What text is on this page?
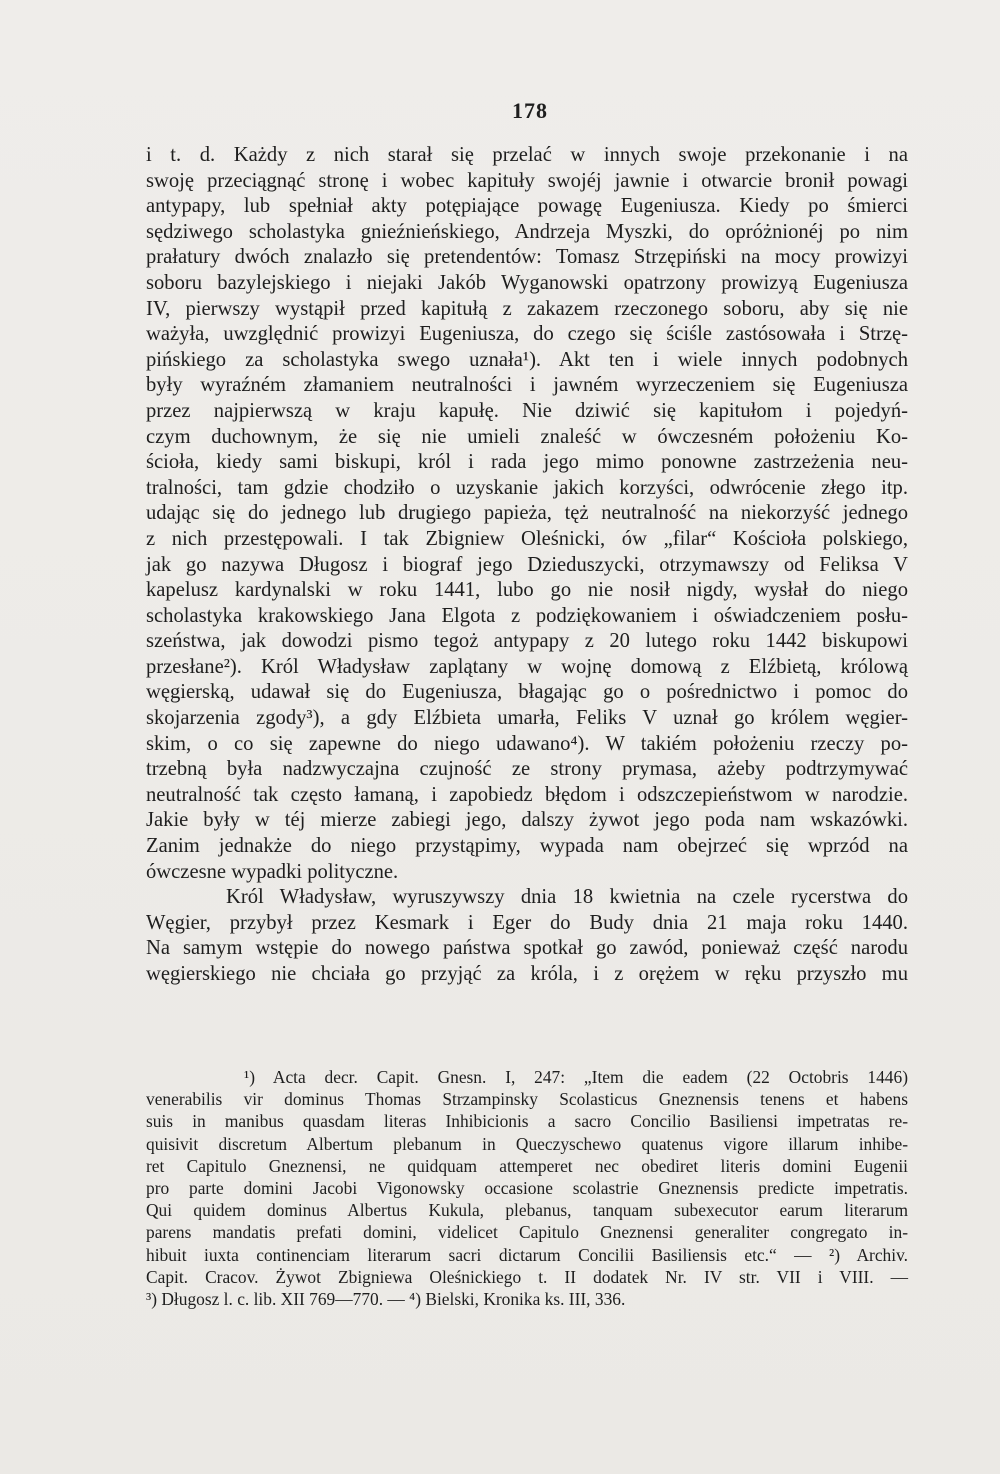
178
i t. d. Każdy z nich starał się przelać w innych swoje przekonanie i na
swoję przeciągnąć stronę i wobec kapituły swojéj jawnie i otwarcie bronił powagi
antypapy, lub spełniał akty potępiające powagę Eugeniusza. Kiedy po śmierci
sędziwego scholastyka gnieźnieńskiego, Andrzeja Myszki, do opróżnionéj po nim
prałatury dwóch znalazło się pretendentów: Tomasz Strzępiński na mocy prowizyi
soboru bazylejskiego i niejaki Jakób Wyganowski opatrzony prowizyą Eugeniusza
IV, pierwszy wystąpił przed kapitułą z zakazem rzeczonego soboru, aby się nie
ważyła, uwzględnić prowizyi Eugeniusza, do czego się ściśle zastósowała i Strzę-
pińskiego za scholastyka swego uznała¹). Akt ten i wiele innych podobnych
były wyraźném złamaniem neutralności i jawném wyrzeczeniem się Eugeniusza
przez najpierwszą w kraju kapułę. Nie dziwić się kapitułom i pojedyń-
czym duchownym, że się nie umieli znaleść w ówczesném położeniu Ko-
ścioła, kiedy sami biskupi, król i rada jego mimo ponowne zastrzeżenia neu-
tralności, tam gdzie chodziło o uzyskanie jakich korzyści, odwrócenie złego itp.
udając się do jednego lub drugiego papieża, tęż neutralność na niekorzyść jednego
z nich przestępowali. I tak Zbigniew Oleśnicki, ów „filar“ Kościoła polskiego,
jak go nazywa Długosz i biograf jego Dzieduszycki, otrzymawszy od Feliksa V
kapelusz kardynalski w roku 1441, lubo go nie nosił nigdy, wysłał do niego
scholastyka krakowskiego Jana Elgota z podziękowaniem i oświadczeniem posłu-
szeństwa, jak dowodzi pismo tegoż antypapy z 20 lutego roku 1442 biskupowi
przesłane²). Król Władysław zaplątany w wojnę domową z Elźbietą, królową
węgierską, udawał się do Eugeniusza, błagając go o pośrednictwo i pomoc do
skojarzenia zgody³), a gdy Elźbieta umarła, Feliks V uznał go królem węgier-
skim, o co się zapewne do niego udawano⁴). W takiém położeniu rzeczy po-
trzebną była nadzwyczajna czujność ze strony prymasa, ażeby podtrzymywać
neutralność tak często łamaną, i zapobiedz błędom i odszczepieństwom w narodzie.
Jakie były w téj mierze zabiegi jego, dalszy żywot jego poda nam wskazówki.
Zanim jednakże do niego przystąpimy, wypada nam obejrzeć się wprzód na
ówczesne wypadki polityczne.
Król Władysław, wyruszywszy dnia 18 kwietnia na czele rycerstwa do
Węgier, przybył przez Kesmark i Eger do Budy dnia 21 maja roku 1440.
Na samym wstępie do nowego państwa spotkał go zawód, ponieważ część narodu
węgierskiego nie chciała go przyjąć za króla, i z orężem w ręku przyszło mu
¹) Acta decr. Capit. Gnesn. I, 247: „Item die eadem (22 Octobris 1446)
venerabilis vir dominus Thomas Strzampinsky Scolasticus Gneznensis tenens et habens
suis in manibus quasdam literas Inhibicionis a sacro Concilio Basiliensi impetratas re-
quisivit discretum Albertum plebanum in Queczyschewo quatenus vigore illarum inhibe-
ret Capitulo Gneznensi, ne quidquam attemperet nec obediret literis domini Eugenii
pro parte domini Jacobi Vigonowsky occasione scolastrie Gneznensis predicte impetratis.
Qui quidem dominus Albertus Kukula, plebanus, tanquam subexecutor earum literarum
parens mandatis prefati domini, videlicet Capitulo Gneznensi generaliter congregato in-
hibuit iuxta continenciam literarum sacri dictarum Concilii Basiliensis etc.“ — ²) Archiv.
Capit. Cracov. Żywot Zbigniewa Oleśnickiego t. II dodatek Nr. IV str. VII i VIII. —
³) Długosz l. c. lib. XII 769—770. — ⁴) Bielski, Kronika ks. III, 336.
